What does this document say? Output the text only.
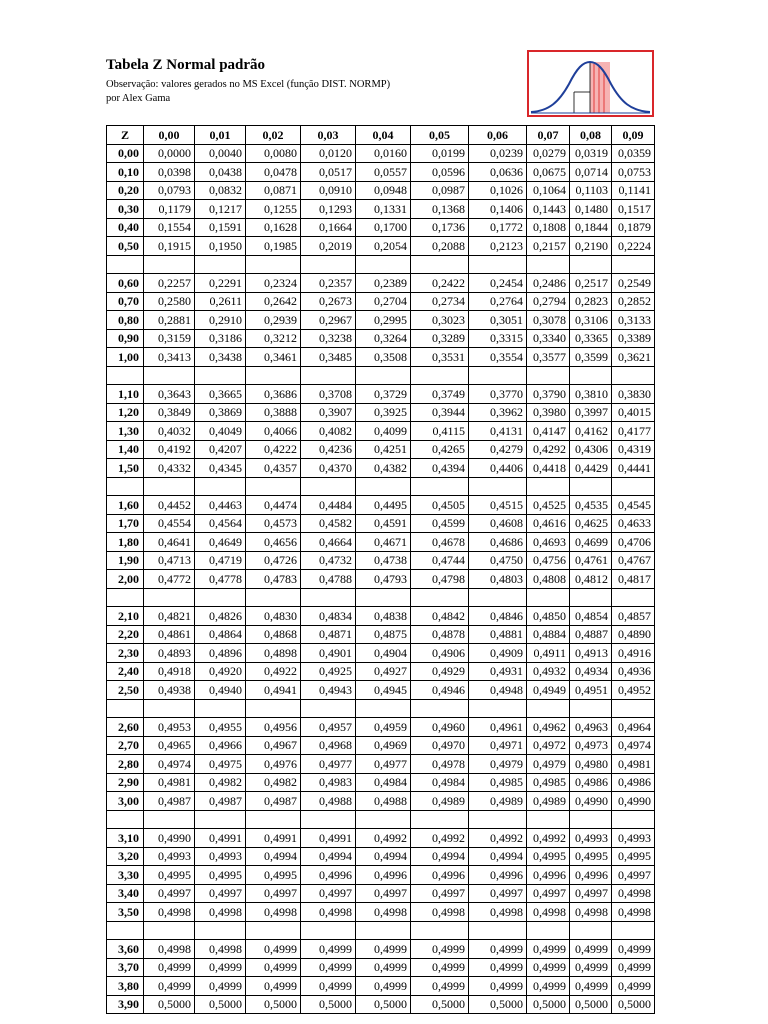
Tabela Z Normal padrão
Observação: valores gerados no MS Excel (função DIST. NORMP)
por Alex Gama
Z	0,00	0,01	0,02	0,03	0,04	0,05	0,06	0,07	0,08	0,09
0,00	0,0000	0,0040	0,0080	0,0120	0,0160	0,0199	0,0239	0,0279	0,0319	0,0359
0,10	0,0398	0,0438	0,0478	0,0517	0,0557	0,0596	0,0636	0,0675	0,0714	0,0753
0,20	0,0793	0,0832	0,0871	0,0910	0,0948	0,0987	0,1026	0,1064	0,1103	0,1141
0,30	0,1179	0,1217	0,1255	0,1293	0,1331	0,1368	0,1406	0,1443	0,1480	0,1517
0,40	0,1554	0,1591	0,1628	0,1664	0,1700	0,1736	0,1772	0,1808	0,1844	0,1879
0,50	0,1915	0,1950	0,1985	0,2019	0,2054	0,2088	0,2123	0,2157	0,2190	0,2224

0,60	0,2257	0,2291	0,2324	0,2357	0,2389	0,2422	0,2454	0,2486	0,2517	0,2549
0,70	0,2580	0,2611	0,2642	0,2673	0,2704	0,2734	0,2764	0,2794	0,2823	0,2852
0,80	0,2881	0,2910	0,2939	0,2967	0,2995	0,3023	0,3051	0,3078	0,3106	0,3133
0,90	0,3159	0,3186	0,3212	0,3238	0,3264	0,3289	0,3315	0,3340	0,3365	0,3389
1,00	0,3413	0,3438	0,3461	0,3485	0,3508	0,3531	0,3554	0,3577	0,3599	0,3621

1,10	0,3643	0,3665	0,3686	0,3708	0,3729	0,3749	0,3770	0,3790	0,3810	0,3830
1,20	0,3849	0,3869	0,3888	0,3907	0,3925	0,3944	0,3962	0,3980	0,3997	0,4015
1,30	0,4032	0,4049	0,4066	0,4082	0,4099	0,4115	0,4131	0,4147	0,4162	0,4177
1,40	0,4192	0,4207	0,4222	0,4236	0,4251	0,4265	0,4279	0,4292	0,4306	0,4319
1,50	0,4332	0,4345	0,4357	0,4370	0,4382	0,4394	0,4406	0,4418	0,4429	0,4441

1,60	0,4452	0,4463	0,4474	0,4484	0,4495	0,4505	0,4515	0,4525	0,4535	0,4545
1,70	0,4554	0,4564	0,4573	0,4582	0,4591	0,4599	0,4608	0,4616	0,4625	0,4633
1,80	0,4641	0,4649	0,4656	0,4664	0,4671	0,4678	0,4686	0,4693	0,4699	0,4706
1,90	0,4713	0,4719	0,4726	0,4732	0,4738	0,4744	0,4750	0,4756	0,4761	0,4767
2,00	0,4772	0,4778	0,4783	0,4788	0,4793	0,4798	0,4803	0,4808	0,4812	0,4817

2,10	0,4821	0,4826	0,4830	0,4834	0,4838	0,4842	0,4846	0,4850	0,4854	0,4857
2,20	0,4861	0,4864	0,4868	0,4871	0,4875	0,4878	0,4881	0,4884	0,4887	0,4890
2,30	0,4893	0,4896	0,4898	0,4901	0,4904	0,4906	0,4909	0,4911	0,4913	0,4916
2,40	0,4918	0,4920	0,4922	0,4925	0,4927	0,4929	0,4931	0,4932	0,4934	0,4936
2,50	0,4938	0,4940	0,4941	0,4943	0,4945	0,4946	0,4948	0,4949	0,4951	0,4952

2,60	0,4953	0,4955	0,4956	0,4957	0,4959	0,4960	0,4961	0,4962	0,4963	0,4964
2,70	0,4965	0,4966	0,4967	0,4968	0,4969	0,4970	0,4971	0,4972	0,4973	0,4974
2,80	0,4974	0,4975	0,4976	0,4977	0,4977	0,4978	0,4979	0,4979	0,4980	0,4981
2,90	0,4981	0,4982	0,4982	0,4983	0,4984	0,4984	0,4985	0,4985	0,4986	0,4986
3,00	0,4987	0,4987	0,4987	0,4988	0,4988	0,4989	0,4989	0,4989	0,4990	0,4990

3,10	0,4990	0,4991	0,4991	0,4991	0,4992	0,4992	0,4992	0,4992	0,4993	0,4993
3,20	0,4993	0,4993	0,4994	0,4994	0,4994	0,4994	0,4994	0,4995	0,4995	0,4995
3,30	0,4995	0,4995	0,4995	0,4996	0,4996	0,4996	0,4996	0,4996	0,4996	0,4997
3,40	0,4997	0,4997	0,4997	0,4997	0,4997	0,4997	0,4997	0,4997	0,4997	0,4998
3,50	0,4998	0,4998	0,4998	0,4998	0,4998	0,4998	0,4998	0,4998	0,4998	0,4998

3,60	0,4998	0,4998	0,4999	0,4999	0,4999	0,4999	0,4999	0,4999	0,4999	0,4999
3,70	0,4999	0,4999	0,4999	0,4999	0,4999	0,4999	0,4999	0,4999	0,4999	0,4999
3,80	0,4999	0,4999	0,4999	0,4999	0,4999	0,4999	0,4999	0,4999	0,4999	0,4999
3,90	0,5000	0,5000	0,5000	0,5000	0,5000	0,5000	0,5000	0,5000	0,5000	0,5000
